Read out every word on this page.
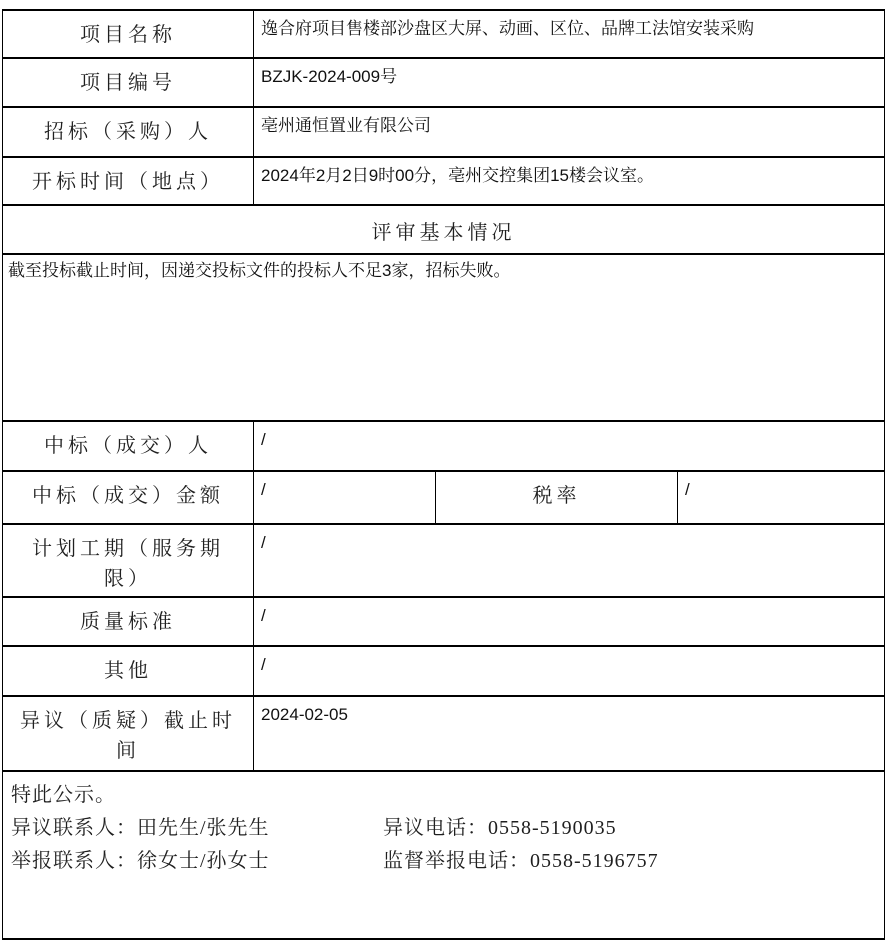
项目名称	逸合府项目售楼部沙盘区大屏、动画、区位、品牌工法馆安装采购		
项目编号	BZJK-2024-009号		
招标（采购）人	亳州通恒置业有限公司		
开标时间（地点）	2024年2月2日9时00分，亳州交控集团15楼会议室。		
评审基本情况			
截至投标截止时间，因递交投标文件的投标人不足3家，招标失败。			
中标（成交）人	/		
中标（成交）金额	/	税率	/
计划工期（服务期限）	/		
质量标准	/		
其他	/		
异议（质疑）截止时间	2024-02-05		

特此公示。
异议联系人：田先生/张先生 异议电话：0558-5190035
举报联系人：徐女士/孙女士 监督举报电话：0558-5196757			
